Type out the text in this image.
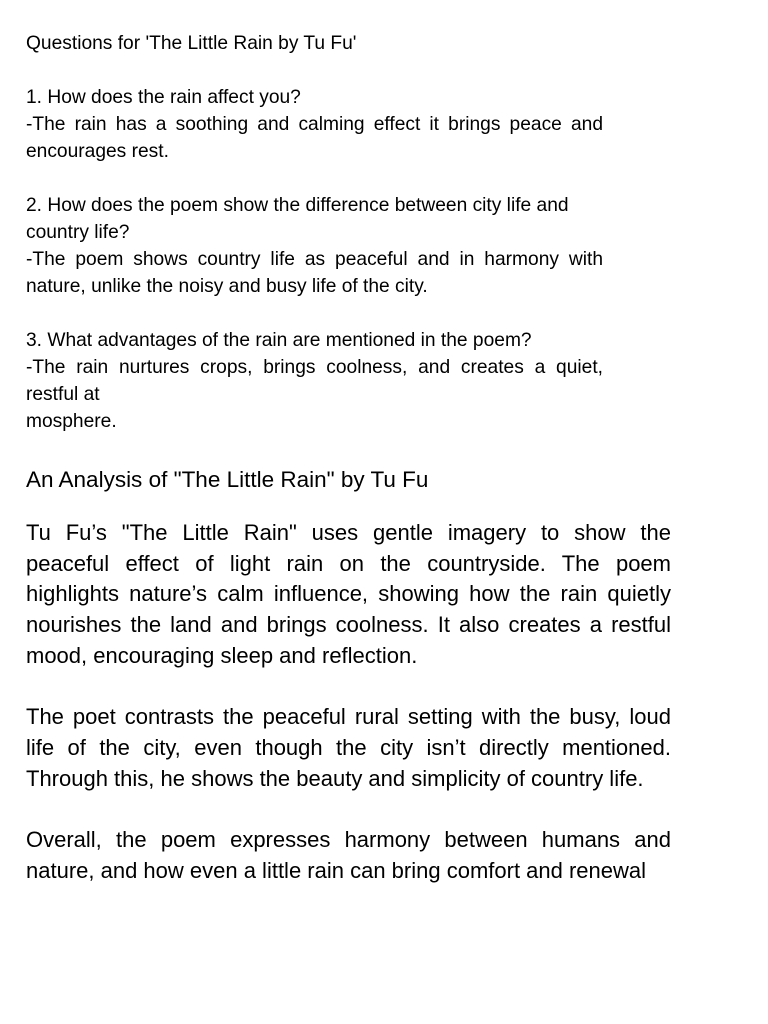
Questions for 'The Little Rain by Tu Fu'
1. How does the rain affect you?
-The rain has a soothing and calming effect it brings peace and encourages rest.
2. How does the poem show the difference between city life and country life?
-The poem shows country life as peaceful and in harmony with nature, unlike the noisy and busy life of the city.
3. What advantages of the rain are mentioned in the poem?
-The rain nurtures crops, brings coolness, and creates a quiet, restful at
mosphere.
An Analysis of "The Little Rain" by Tu Fu

Tu Fu’s "The Little Rain" uses gentle imagery to show the peaceful effect of light rain on the countryside. The poem highlights nature’s calm influence, showing how the rain quietly nourishes the land and brings coolness. It also creates a restful mood, encouraging sleep and reflection.

The poet contrasts the peaceful rural setting with the busy, loud life of the city, even though the city isn’t directly mentioned. Through this, he shows the beauty and simplicity of country life.

Overall, the poem expresses harmony between humans and nature, and how even a little rain can bring comfort and renewal
